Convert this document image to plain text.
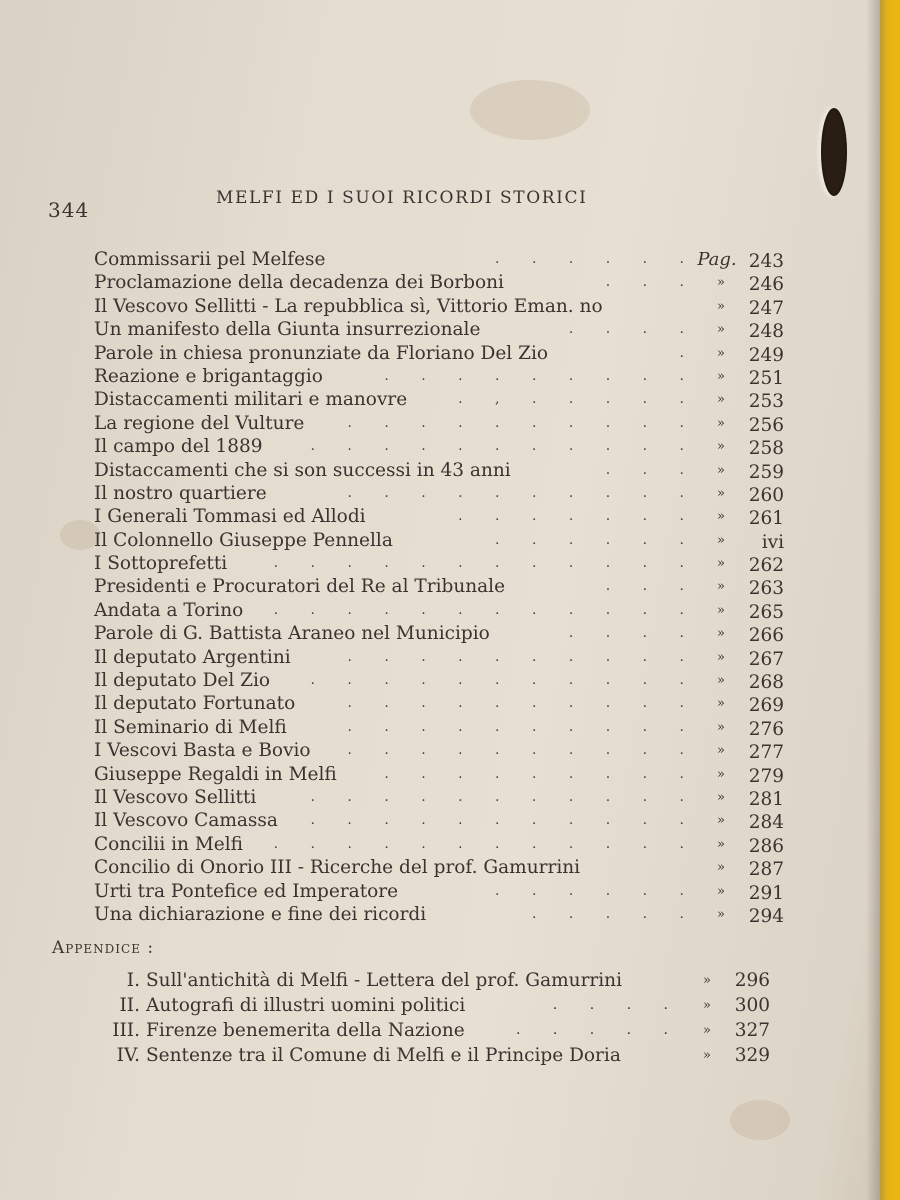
344	MELFI ED I SUOI RICORDI STORICI
Commissarii pel Melfese	. . . . . . Pag. 243
Proclamazione della decadenza dei Borboni	. . .	»	246
Il Vescovo Sellitti - La repubblica sì, Vittorio Eman. no	»	247
Un manifesto della Giunta insurrezionale	. . . .	»	248
Parole in chiesa pronunziate da Floriano Del Zio	.	»	249
Reazione e brigantaggio	. . . . . . . . .	»	251
Distaccamenti militari e manovre	. , . . . . .	»	253
La regione del Vulture	. . . . . . . . . .	»	256
Il campo del 1889	. . . . . . . . . . .	»	258
Distaccamenti che si son successi in 43 anni	. . .	»	259
Il nostro quartiere	. . . . . . . . . .	»	260
I Generali Tommasi ed Allodi	. . . . . . .	»	261
Il Colonnello Giuseppe Pennella	. . . . . .	»	ivi
I Sottoprefetti	. . . . . . . . . . . .	»	262
Presidenti e Procuratori del Re al Tribunale	. . .	»	263
Andata a Torino . . . . . . . . . . . .	»	265
Parole di G. Battista Araneo nel Municipio	. . . .	»	266
Il deputato Argentini	. . . . . . . . . .	»	267
Il deputato Del Zio	. . . . . . . . . . .	»	268
Il deputato Fortunato	. . . . . . . . . .	»	269
Il Seminario di Melfi	. . . . . . . . . .	»	276
I Vescovi Basta e Bovio	. . . . . . . . . .	»	277
Giuseppe Regaldi in Melfi	. . . . . . . . .	»	279
Il Vescovo Sellitti	. . . . . . . . . . .	»	281
Il Vescovo Camassa . . . . . . . . . . .	»	284
Concilii in Melfi . . . . . . . . . . . .	»	286
Concilio di Onorio III - Ricerche del prof. Gamurrini	»	287
Urti tra Pontefice ed Imperatore	. . . . . .	»	291
Una dichiarazione e fine dei ricordi	. . . . .	»	294
Appendice :
I. Sull'antichità di Melfi - Lettera del prof. Gamurrini	»	296
II. Autografi di illustri uomini politici	. . . .	»	300
III. Firenze benemerita della Nazione	. . . . .	»	327
IV. Sentenze tra il Comune di Melfi e il Principe Doria	»	329
